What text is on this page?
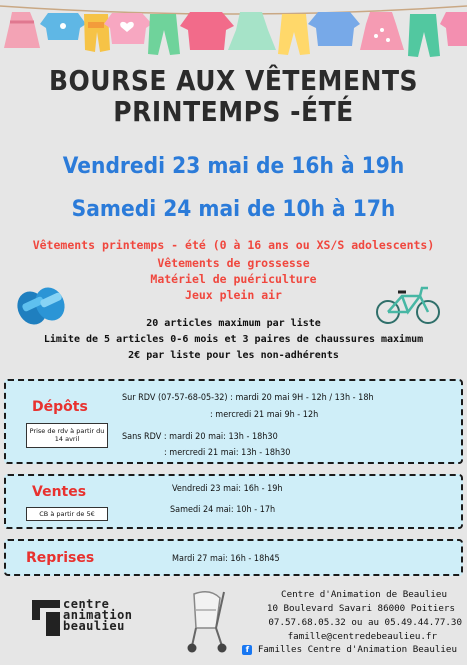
BOURSE AUX VÊTEMENTS
PRINTEMPS -ÉTÉ
Vendredi 23 mai de 16h à 19h
Samedi 24 mai de 10h à 17h
Vêtements printemps - été (0 à 16 ans ou XS/S adolescents)
Vêtements de grossesse
Matériel de puériculture
Jeux plein air
20 articles maximum par liste
Limite de 5 articles 0-6 mois et 3 paires de chaussures maximum
2€ par liste pour les non-adhérents
Dépôts
Prise de rdv à partir du 14 avril
Sur RDV (07-57-68-05-32) : mardi 20 mai 9H - 12h / 13h - 18h
: mercredi 21 mai 9h - 12h
Sans RDV : mardi 20 mai: 13h - 18h30
: mercredi 21 mai: 13h - 18h30
Ventes
CB à partir de 5€
Vendredi 23 mai: 16h - 19h
Samedi 24 mai: 10h - 17h
Reprises	Mardi 27 mai: 16h - 18h45
centre
animation
beaulieu
Centre d'Animation de Beaulieu
10 Boulevard Savari 86000 Poitiers
07.57.68.05.32 ou au 05.49.44.77.30
famille@centredebeaulieu.fr
f Familles Centre d'Animation Beaulieu
